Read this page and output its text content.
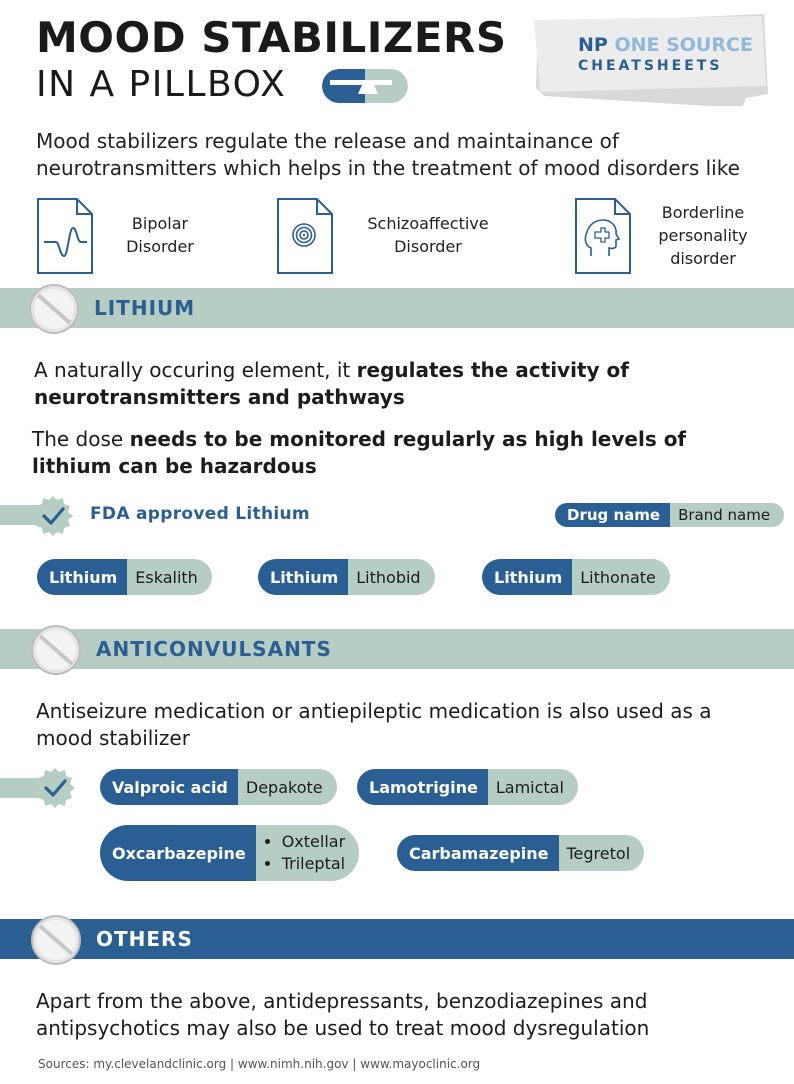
MOOD STABILIZERS
IN A PILLBOX
NP ONE SOURCE
CHEATSHEETS
Mood stabilizers regulate the release and maintainance of neurotransmitters which helps in the treatment of mood disorders like
Bipolar
Disorder
Schizoaffective
Disorder
Borderline
personality
disorder
LITHIUM
A naturally occuring element, it regulates the activity of neurotransmitters and pathways
The dose needs to be monitored regularly as high levels of lithium can be hazardous
FDA approved Lithium	Drug name	Brand name
Lithium	Eskalith	Lithium	Lithobid	Lithium	Lithonate
ANTICONVULSANTS
Antiseizure medication or antiepileptic medication is also used as a mood stabilizer
Valproic acid	Depakote	Lamotrigine	Lamictal
Oxcarbazepine
• Oxtellar
• Trileptal
Carbamazepine	Tegretol
OTHERS
Apart from the above, antidepressants, benzodiazepines and antipsychotics may also be used to treat mood dysregulation
Sources: my.clevelandclinic.org | www.nimh.nih.gov | www.mayoclinic.org
